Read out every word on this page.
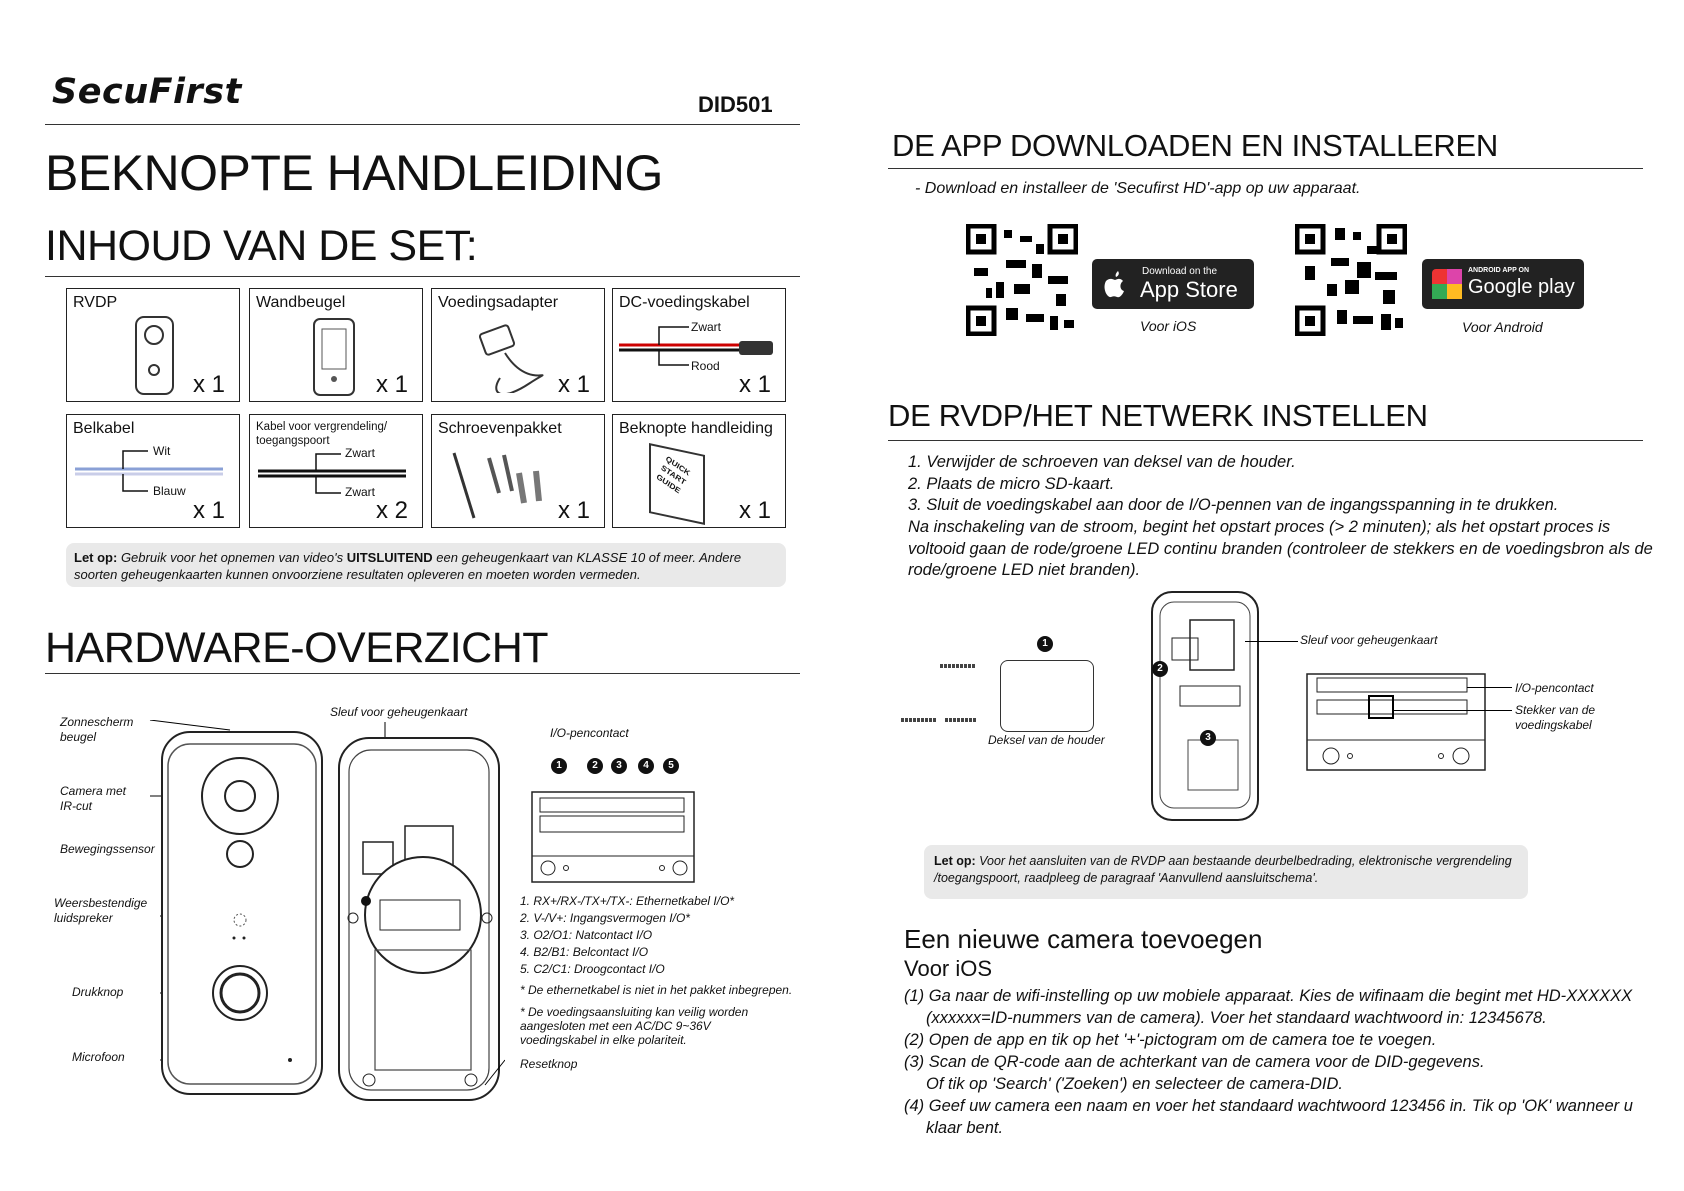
SecuFirst	DID501
BEKNOPTE HANDLEIDING
INHOUD VAN DE SET:
RVDP
x 1
Wandbeugel
x 1
Voedingsadapter
x 1
DC-voedingskabel
Zwart
Rood
x 1
Belkabel
Wit
Blauw
x 1
Kabel voor vergrendeling/ toegangspoort
Zwart
Zwart
x 2
Schroevenpakket
x 1
Beknopte handleiding
QUICK START GUIDE
x 1
Let op: Gebruik voor het opnemen van video's UITSLUITEND een geheugenkaart van KLASSE 10 of meer. Andere soorten geheugenkaarten kunnen onvoorziene resultaten opleveren en moeten worden vermeden.
HARDWARE-OVERZICHT
Zonnescherm beugel
Camera met IR-cut
Bewegingssensor
Weersbestendige luidspreker
Drukknop
Microfoon
Sleuf voor geheugenkaart
I/O-pencontact
1	2	3	4	5
1. RX+/RX-/TX+/TX-: Ethernetkabel I/O*
2. V-/V+: Ingangsvermogen I/O*
3. O2/O1: Natcontact I/O
4. B2/B1: Belcontact I/O
5. C2/C1: Droogcontact I/O
* De ethernetkabel is niet in het pakket inbegrepen.
* De voedingsaansluiting kan veilig worden aangesloten met een AC/DC 9~36V voedingskabel in elke polariteit.
Resetknop
DE APP DOWNLOADEN EN INSTALLEREN
- Download en installeer de 'Secufirst HD'-app op uw apparaat.
Download on the
App Store
Voor iOS
ANDROID APP ON
Google play
Voor Android
DE RVDP/HET NETWERK INSTELLEN
1. Verwijder de schroeven van deksel van de houder.
2. Plaats de micro SD-kaart.
3. Sluit de voedingskabel aan door de I/O-pennen van de ingangsspanning in te drukken.
Na inschakeling van de stroom, begint het opstart proces (> 2 minuten); als het opstart proces is voltooid gaan de rode/groene LED continu branden (controleer de stekkers en de voedingsbron als de rode/groene LED niet branden).
1
Deksel van de houder
2
3
Sleuf voor geheugenkaart
I/O-pencontact
Stekker van de voedingskabel
Let op: Voor het aansluiten van de RVDP aan bestaande deurbelbedrading, elektronische vergrendeling /toegangspoort, raadpleeg de paragraaf 'Aanvullend aansluitschema'.
Een nieuwe camera toevoegen
Voor iOS
(1) Ga naar de wifi-instelling op uw mobiele apparaat. Kies de wifinaam die begint met HD-XXXXXX (xxxxxx=ID-nummers van de camera). Voer het standaard wachtwoord in: 12345678.
(2) Open de app en tik op het '+'-pictogram om de camera toe te voegen.
(3) Scan de QR-code aan de achterkant van de camera voor de DID-gegevens. Of tik op 'Search' ('Zoeken') en selecteer de camera-DID.
(4) Geef uw camera een naam en voer het standaard wachtwoord 123456 in. Tik op 'OK' wanneer u klaar bent.
